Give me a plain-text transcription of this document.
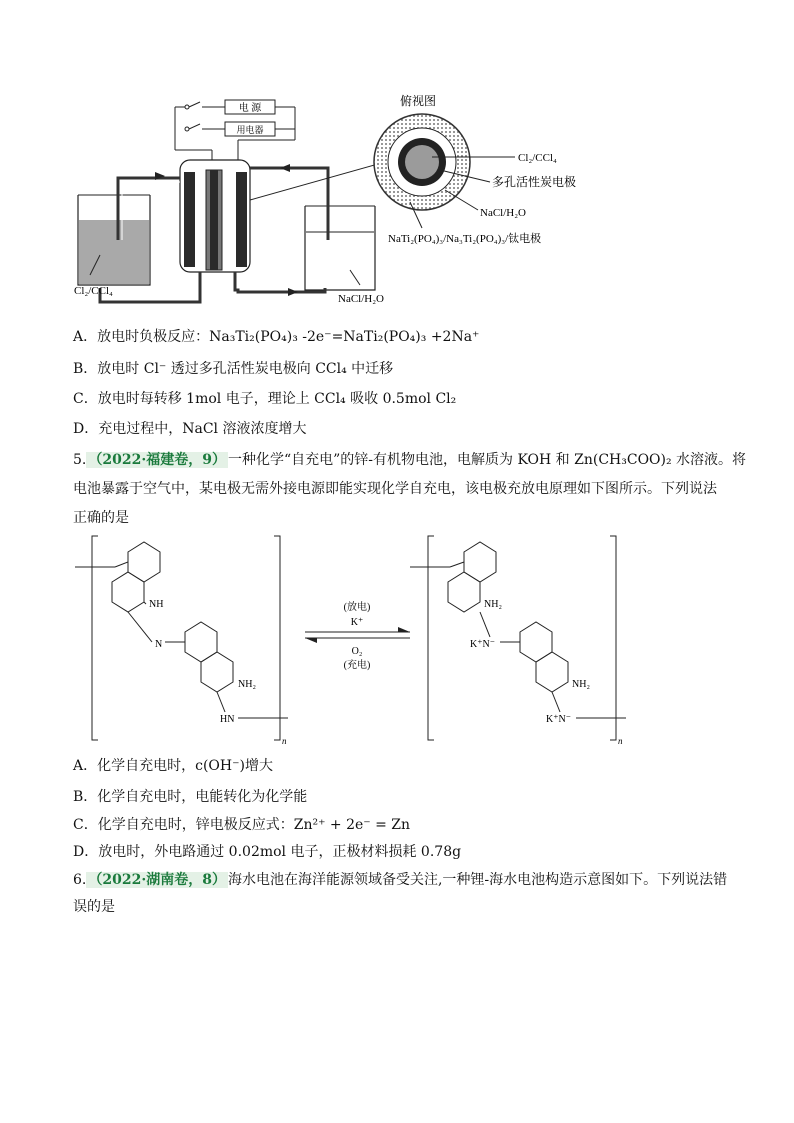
电 源
用电器
Cl₂/CCl₄
NaCl/H₂O
俯视图
Cl₂/CCl₄
多孔活性炭电极
NaCl/H₂O
NaTi₂(PO₄)₃/Na₃Ti₂(PO₄)₃/钛电极
A．放电时负极反应：Na₃Ti₂(PO₄)₃ -2e⁻=NaTi₂(PO₄)₃ +2Na⁺
B．放电时 Cl⁻ 透过多孔活性炭电极向 CCl₄ 中迁移
C．放电时每转移 1mol 电子，理论上 CCl₄ 吸收 0.5mol Cl₂
D．充电过程中，NaCl 溶液浓度增大
5. （2022·福建卷，9） 一种化学“自充电”的锌-有机物电池，电解质为 KOH 和 Zn(CH₃COO)₂ 水溶液。将
电池暴露于空气中，某电极无需外接电源即能实现化学自充电，该电极充放电原理如下图所示。下列说法
正确的是
n
NH
N
NH₂
HN
(放电)
K⁺
O₂
(充电)
n
NH₂
K⁺N⁻
NH₂
K⁺N⁻
A．化学自充电时，c(OH⁻)增大
B．化学自充电时，电能转化为化学能
C．化学自充电时，锌电极反应式：Zn²⁺ + 2e⁻ = Zn
D．放电时，外电路通过 0.02mol 电子，正极材料损耗 0.78g
6. （2022·湖南卷，8） 海水电池在海洋能源领域备受关注,一种锂-海水电池构造示意图如下。下列说法错
误的是
